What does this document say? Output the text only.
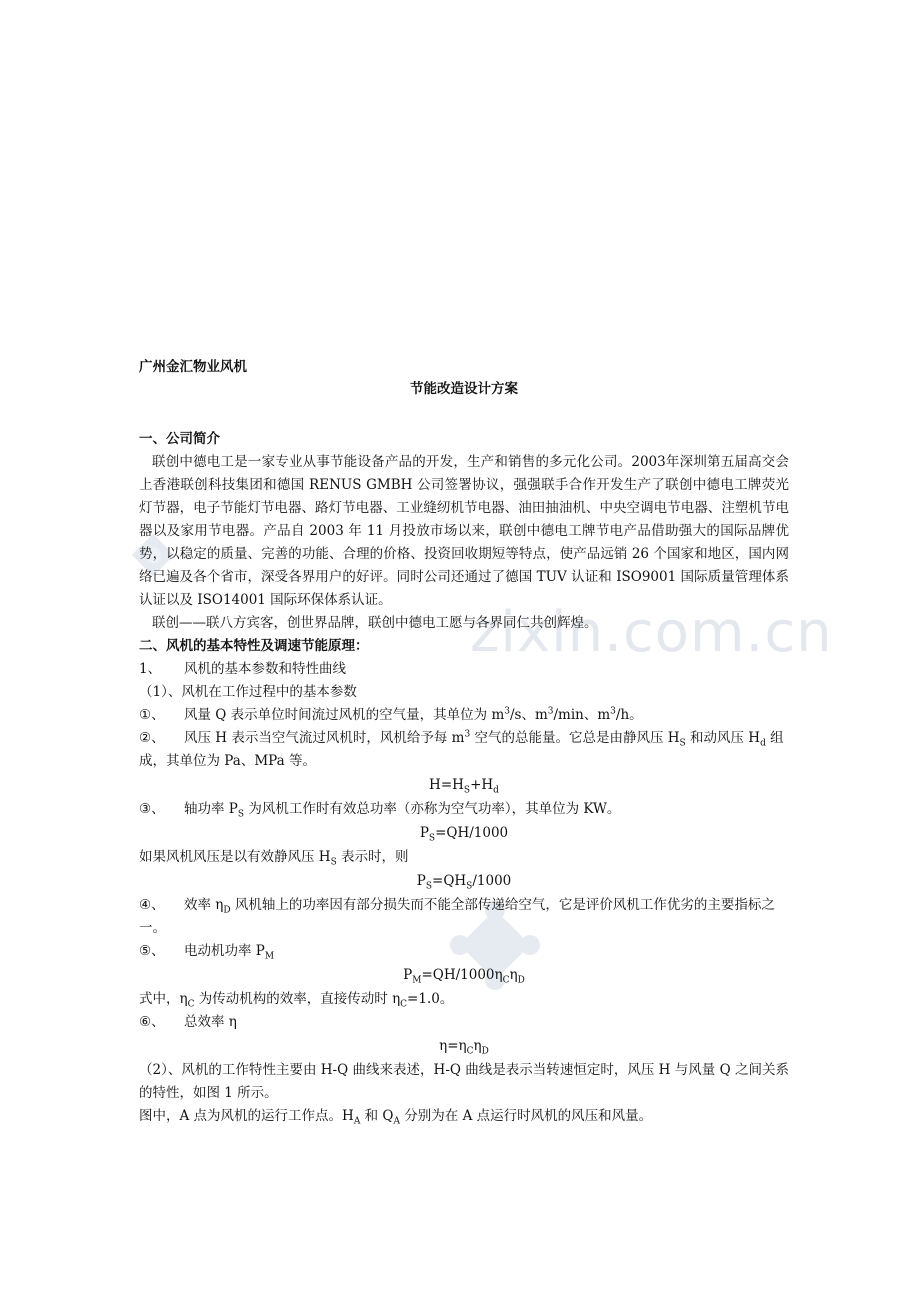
zixin.com.cn
广州金汇物业风机
节能改造设计方案
一、公司简介
联创中德电工是一家专业从事节能设备产品的开发，生产和销售的多元化公司。2003年深圳第五届高交会上香港联创科技集团和德国 RENUS GMBH 公司签署协议，强强联手合作开发生产了联创中德电工牌荧光灯节器，电子节能灯节电器、路灯节电器、工业缝纫机节电器、油田抽油机、中央空调电节电器、注塑机节电器以及家用节电器。产品自 2003 年 11 月投放市场以来，联创中德电工牌节电产品借助强大的国际品牌优势，以稳定的质量、完善的功能、合理的价格、投资回收期短等特点，使产品远销 26 个国家和地区，国内网络已遍及各个省市，深受各界用户的好评。同时公司还通过了德国 TUV 认证和 ISO9001 国际质量管理体系认证以及 ISO14001 国际环保体系认证。
联创——联八方宾客，创世界品牌，联创中德电工愿与各界同仁共创辉煌。
二、风机的基本特性及调速节能原理：
1、 风机的基本参数和特性曲线
（1）、风机在工作过程中的基本参数
①、 风量 Q 表示单位时间流过风机的空气量，其单位为 $m^3/s$、$m^3/\min$、$m^3/h$。
②、 风压 H 表示当空气流过风机时，风机给予每 $m^3$ 空气的总能量。它总是由静风压 $H_S$ 和动风压 $H_d$ 组成，其单位为 Pa、MPa 等。
$H=H_S+H_d$
③、 轴功率 $P_S$ 为风机工作时有效总功率（亦称为空气功率），其单位为 KW。
$P_S=QH/1000$
如果风机风压是以有效静风压 $H_S$ 表示时，则
$P_S=QH_S/1000$
④、 效率 $\eta_D$ 风机轴上的功率因有部分损失而不能全部传递给空气，它是评价风机工作优劣的主要指标之一。
⑤、 电动机功率 $P_M$
$P_M=QH/1000\eta_C\eta_D$
式中，$\eta_C$ 为传动机构的效率，直接传动时 $\eta_C=1.0$。
⑥、 总效率 η
$\eta=\eta_C\eta_D$
（2）、风机的工作特性主要由 H-Q 曲线来表述，H-Q 曲线是表示当转速恒定时，风压 H 与风量 Q 之间关系的特性，如图 1 所示。
图中，A 点为风机的运行工作点。$H_A$ 和 $Q_A$ 分别为在 A 点运行时风机的风压和风量。
